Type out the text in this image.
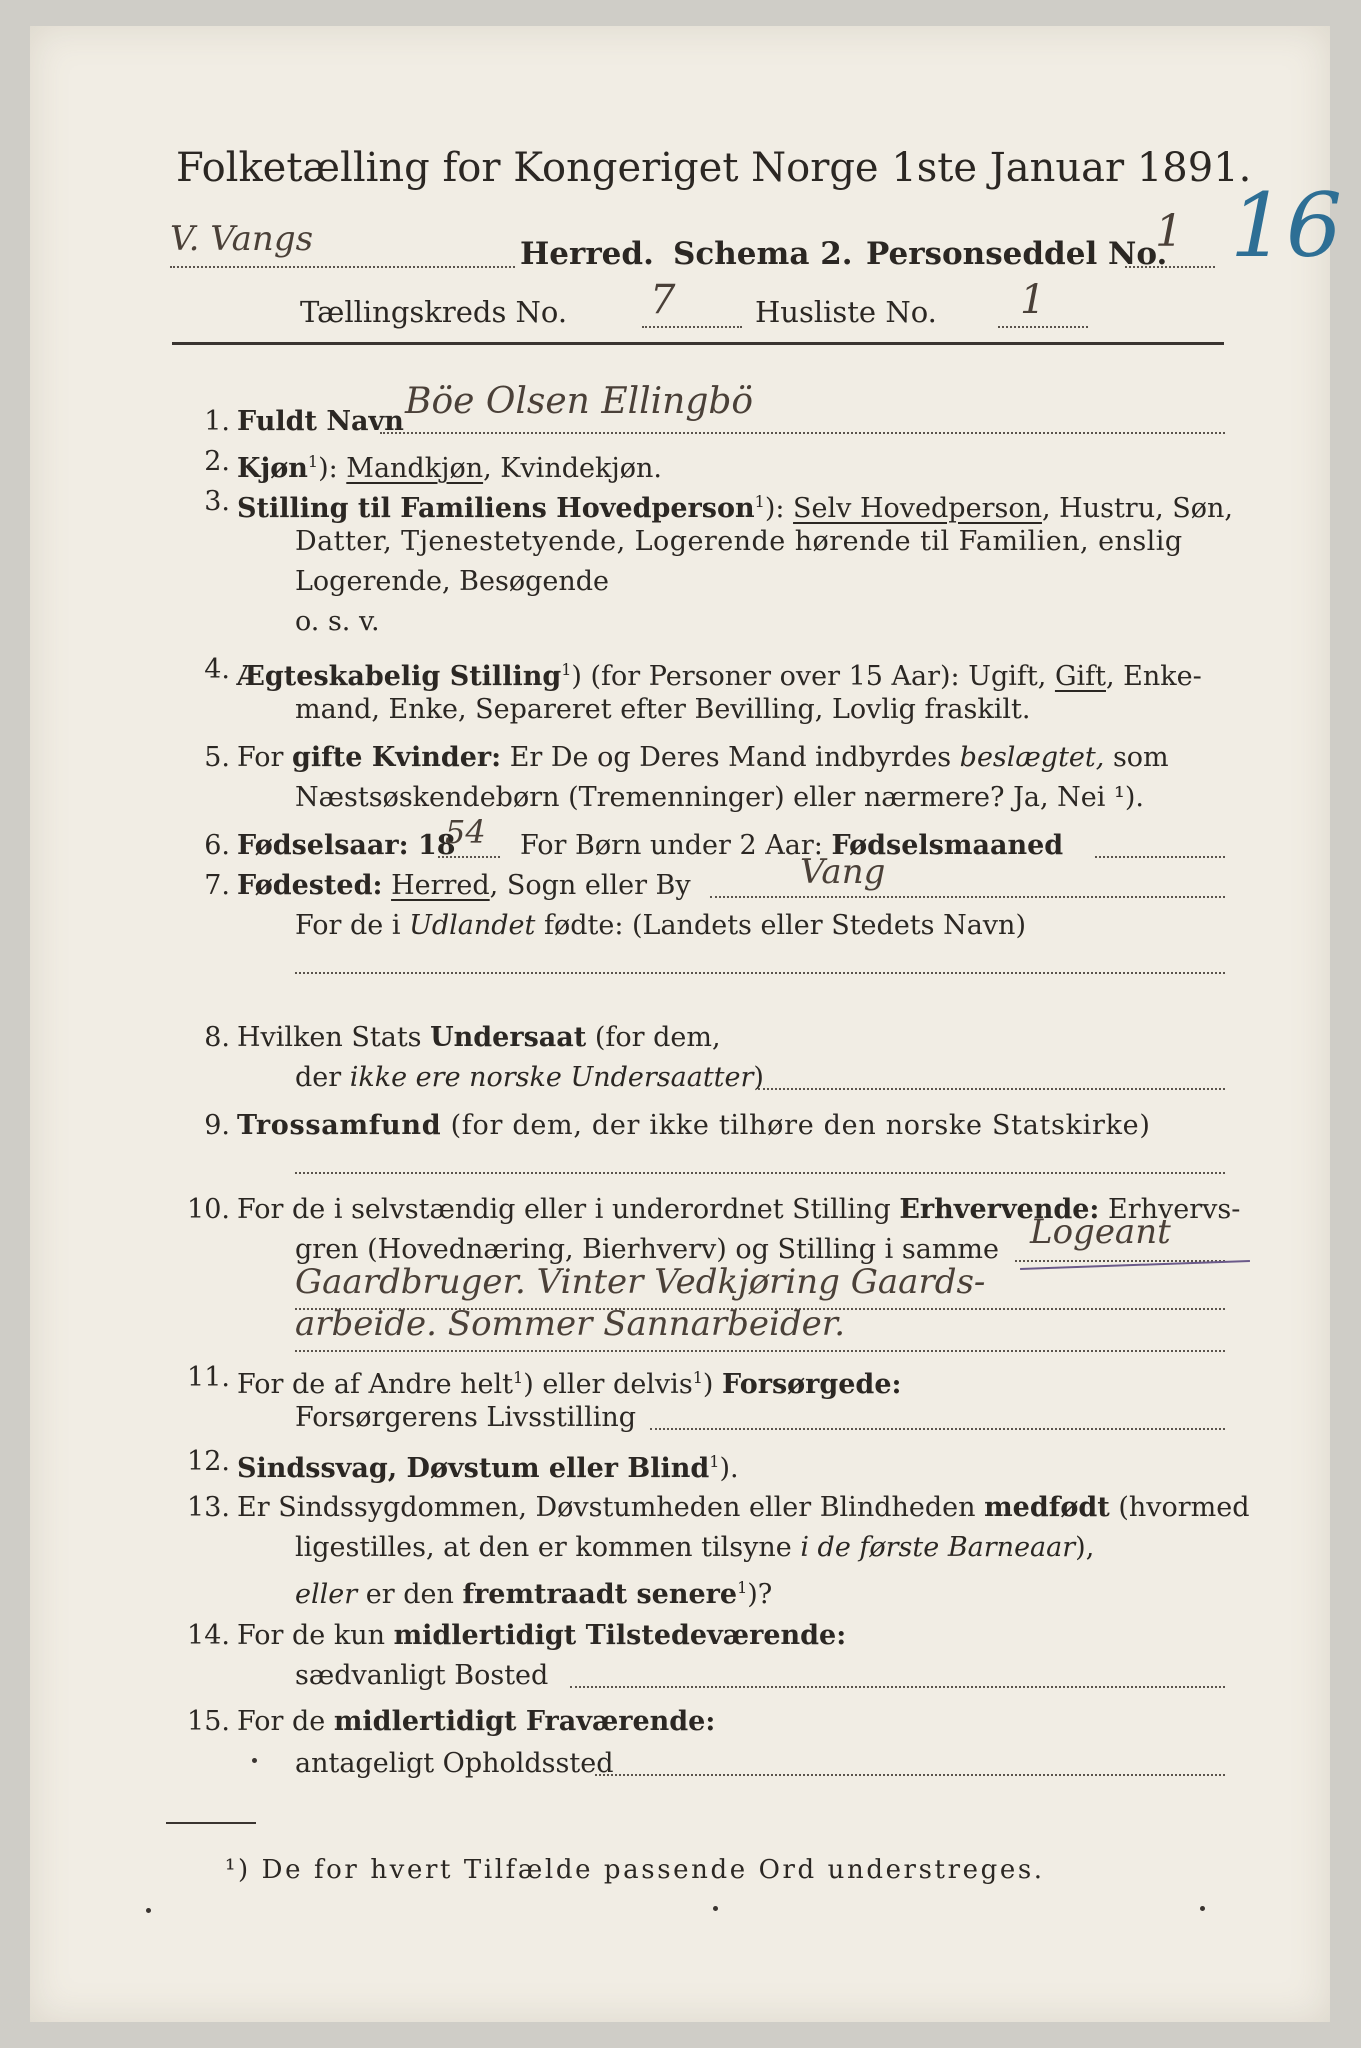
Folketælling for Kongeriget Norge 1ste Januar 1891.
V. Vangs	Herred. Schema 2. Personseddel No.
1 16
Tællingskreds No. 7	Husliste No. 1
1. Fuldt Navn Böe Olsen Ellingbö
2. Kjøn$^1$): Mandkjøn, Kvindekjøn.
3. Stilling til Familiens Hovedperson$^1$): Selv Hovedperson, Hustru, Søn,
Datter, Tjenestetyende, Logerende hørende til Familien, enslig
Logerende, Besøgende
o. s. v.
4. Ægteskabelig Stilling$^1$) (for Personer over 15 Aar): Ugift, Gift, Enke-
mand, Enke, Separeret efter Bevilling, Lovlig fraskilt.
5. For gifte Kvinder: Er De og Deres Mand indbyrdes beslægtet, som
Næstsøskendebørn (Tremenninger) eller nærmere? Ja, Nei ¹).
6. Fødselsaar: 18
54 For Børn under 2 Aar: Fødselsmaaned
7. Fødested: Herred, Sogn eller By	Vang
For de i Udlandet fødte: (Landets eller Stedets Navn)
8. Hvilken Stats Undersaat (for dem,
der ikke ere norske Undersaatter)
9. Trossamfund (for dem, der ikke tilhøre den norske Statskirke)
10. For de i selvstændig eller i underordnet Stilling Erhvervende: Erhvervs-
gren (Hovednæring, Bierhverv) og Stilling i samme Logeant
Gaardbruger. Vinter Vedkjøring Gaards-
arbeide. Sommer Sannarbeider.
11. For de af Andre helt$^1$) eller delvis$^1$) Forsørgede:
Forsørgerens Livsstilling
12. Sindssvag, Døvstum eller Blind$^1$).
13. Er Sindssygdommen, Døvstumheden eller Blindheden medfødt (hvormed
ligestilles, at den er kommen tilsyne i de første Barneaar),
eller er den fremtraadt senere$^1$)?
14. For de kun midlertidigt Tilstedeværende:
sædvanligt Bosted
15. For de midlertidigt Fraværende:
antageligt Opholdssted
¹) De for hvert Tilfælde passende Ord understreges.
